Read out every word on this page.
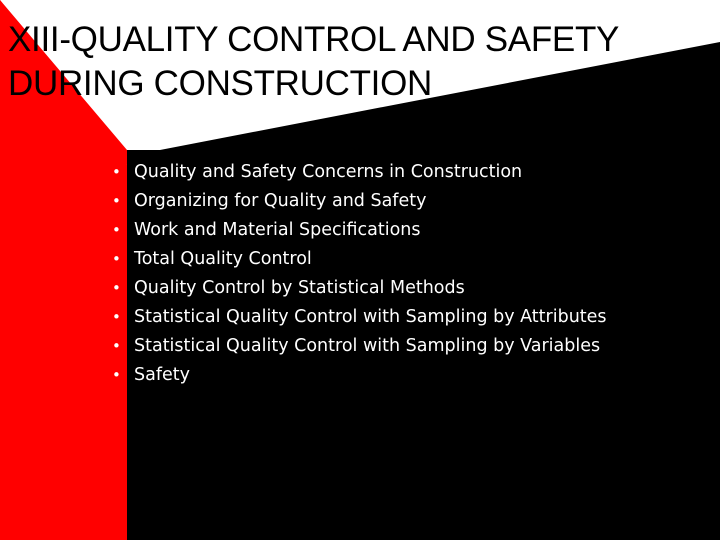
XIII-QUALITY CONTROL AND SAFETY DURING CONSTRUCTION
• Quality and Safety Concerns in Construction
• Organizing for Quality and Safety
• Work and Material Specifications
• Total Quality Control
• Quality Control by Statistical Methods
• Statistical Quality Control with Sampling by Attributes
• Statistical Quality Control with Sampling by Variables
• Safety
